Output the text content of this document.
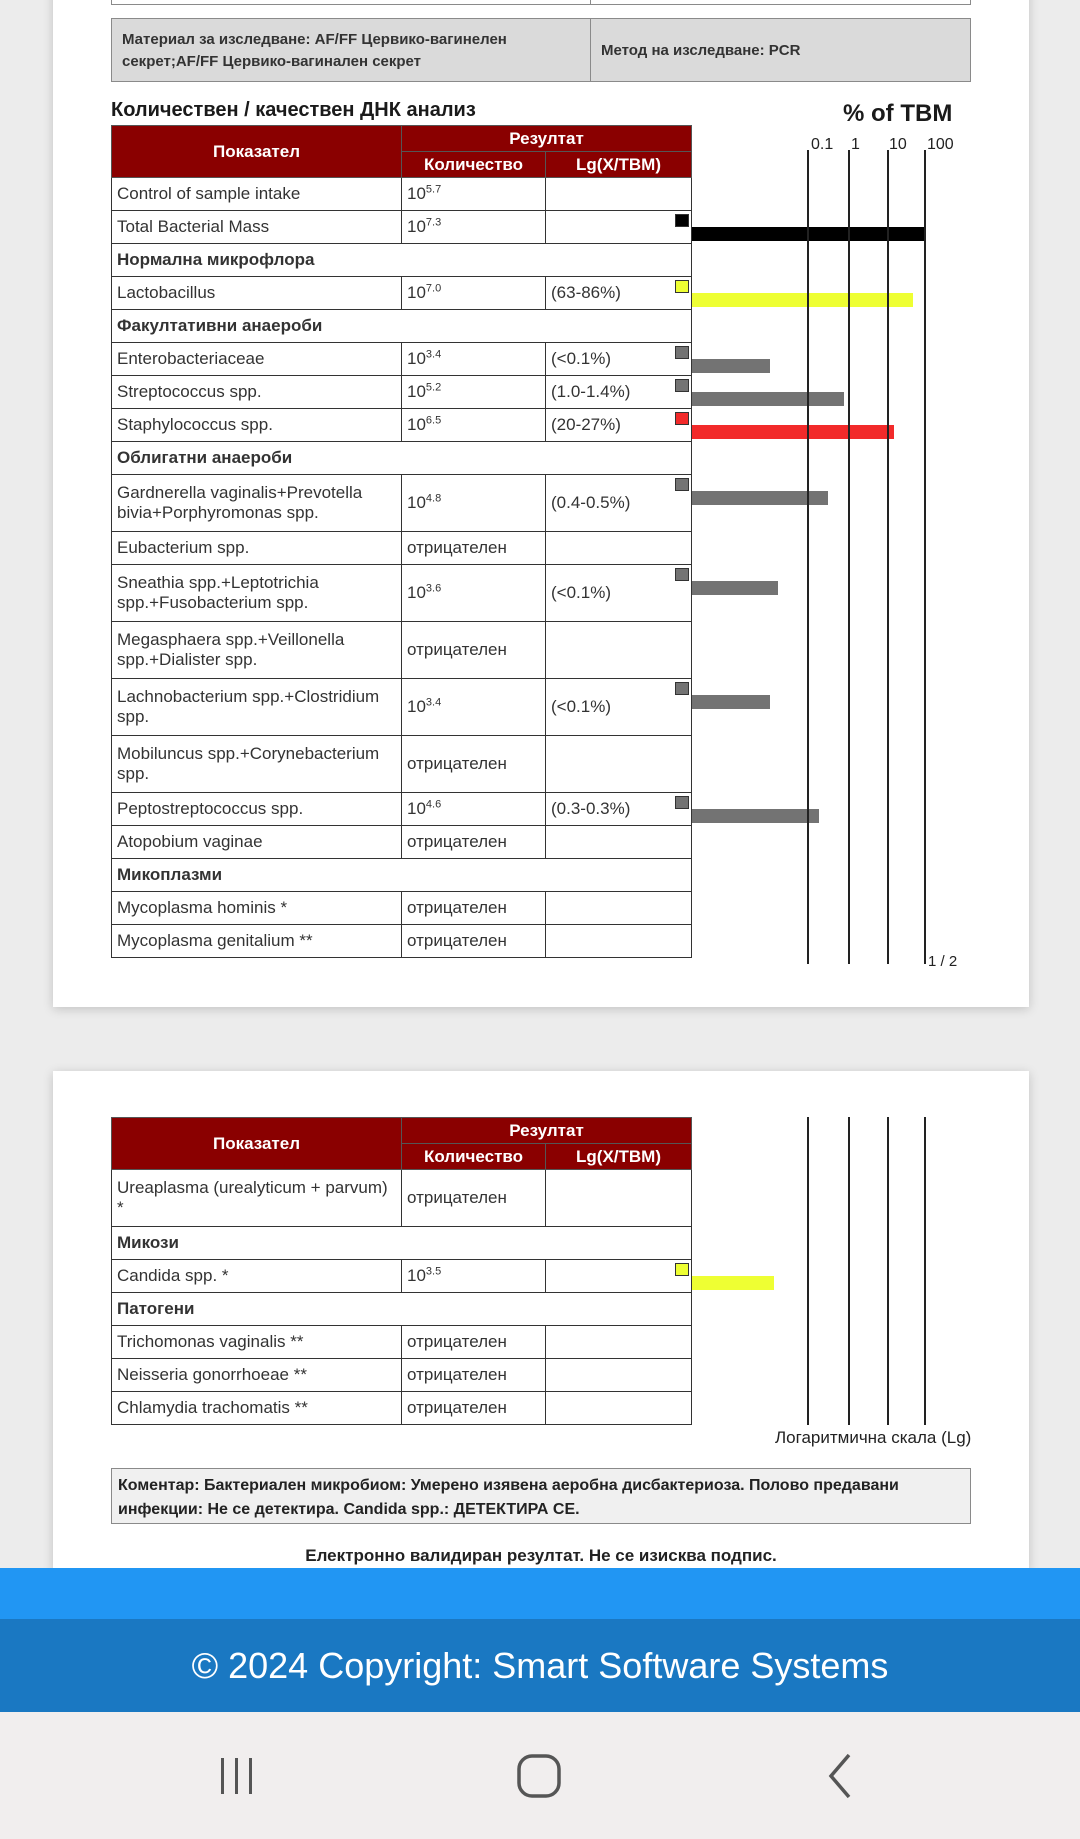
Материал за изследване: AF/FF Цервико-вагинелен секрет;AF/FF Цервико-вагинален секрет
Метод на изследване: PCR
Количествен / качествен ДНК анализ	% of TBM
0.1 1 10 100
Показател	Резултат	
	Количество	Lg(X/TBM)
Control of sample intake	$10^{5.7}$	
Total Bacterial Mass	$10^{7.3}$	

Нормална микрофлора		
Lactobacillus	$10^{7.0}$	(63-86%)

Факултативни анаероби		
Enterobacteriaceae	$10^{3.4}$	(<0.1%)

Streptococcus spp.	$10^{5.2}$	(1.0-1.4%)

Staphylococcus spp.	$10^{6.5}$	(20-27%)

Облигатни анаероби		
Gardnerella vaginalis+Prevotella bivia+Porphyromonas spp.	$10^{4.8}$	(0.4-0.5%)

Eubacterium spp.	отрицателен	
Sneathia spp.+Leptotrichia spp.+Fusobacterium spp.	$10^{3.6}$	(<0.1%)

Megasphaera spp.+Veillonella spp.+Dialister spp.	отрицателен	
Lachnobacterium spp.+Clostridium spp.	$10^{3.4}$	(<0.1%)

Mobiluncus spp.+Corynebacterium spp.	отрицателен	
Peptostreptococcus spp.	$10^{4.6}$	(0.3-0.3%)

Atopobium vaginae	отрицателен	
Микоплазми		
Mycoplasma hominis *	отрицателен	
Mycoplasma genitalium **	отрицателен	
1 / 2
Показател	Резултат	
	Количество	Lg(X/TBM)
Ureaplasma (urealyticum + parvum) *	отрицателен	
Микози		
Candida spp. *	$10^{3.5}$	

Патогени		
Trichomonas vaginalis **	отрицателен	
Neisseria gonorrhoeae **	отрицателен	
Chlamydia trachomatis **	отрицателен	
Логаритмична скала (Lg)
Коментар: Бактериален микробиом: Умерено изявена аеробна дисбактериоза. Полово предавани инфекции: Не се детектира. Candida spp.: ДЕТЕКТИРА СЕ.
Електронно валидиран резултат. Не се изисква подпис.
© 2024 Copyright: Smart Software Systems
